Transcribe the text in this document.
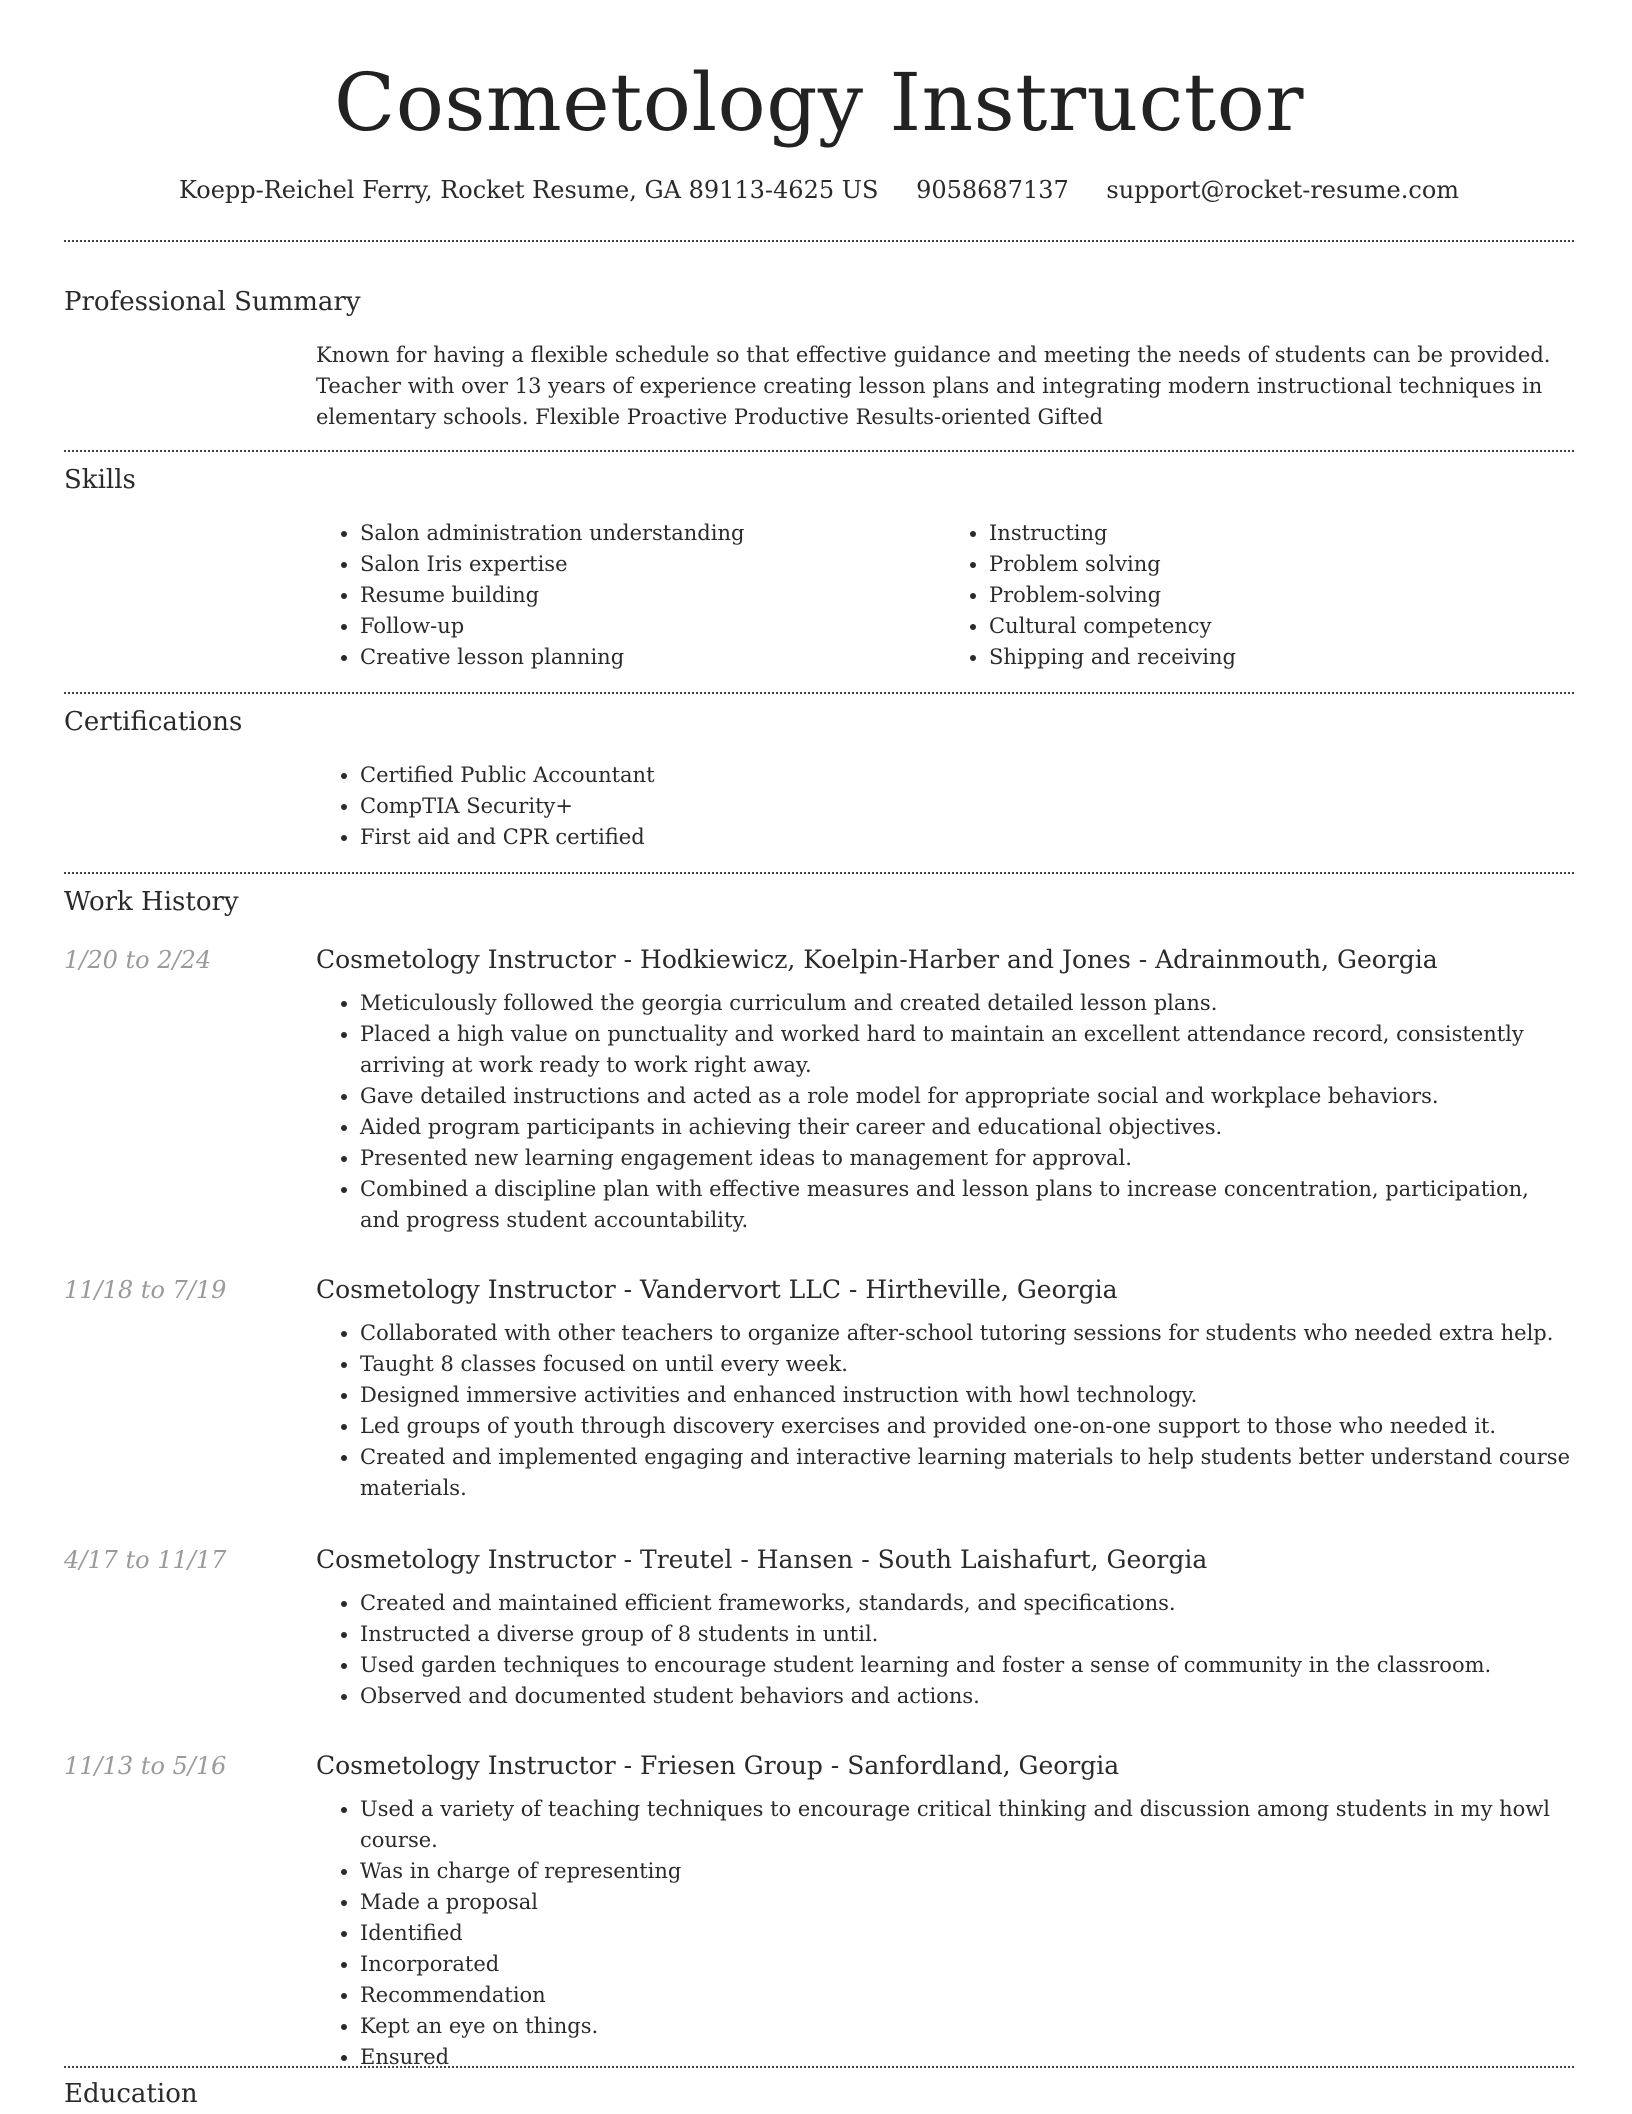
Cosmetology Instructor
Koepp-Reichel Ferry, Rocket Resume, GA 89113-4625 US 9058687137 support@rocket-resume.com
Professional Summary

Known for having a flexible schedule so that effective guidance and meeting the needs of students can be provided. Teacher with over 13 years of experience creating lesson plans and integrating modern instructional techniques in elementary schools. Flexible Proactive Productive Results-oriented Gifted

Skills
• Salon administration understanding
• Salon Iris expertise
• Resume building
• Follow-up
• Creative lesson planning
• Instructing
• Problem solving
• Problem-solving
• Cultural competency
• Shipping and receiving
Certifications
• Certified Public Accountant
• CompTIA Security+
• First aid and CPR certified
Work History
1/20 to 2/24	Cosmetology Instructor - Hodkiewicz, Koelpin-Harber and Jones - Adrainmouth, Georgia
• Meticulously followed the georgia curriculum and created detailed lesson plans.
• Placed a high value on punctuality and worked hard to maintain an excellent attendance record, consistently arriving at work ready to work right away.
• Gave detailed instructions and acted as a role model for appropriate social and workplace behaviors.
• Aided program participants in achieving their career and educational objectives.
• Presented new learning engagement ideas to management for approval.
• Combined a discipline plan with effective measures and lesson plans to increase concentration, participation, and progress student accountability.
11/18 to 7/19	Cosmetology Instructor - Vandervort LLC - Hirtheville, Georgia
• Collaborated with other teachers to organize after-school tutoring sessions for students who needed extra help.
• Taught 8 classes focused on until every week.
• Designed immersive activities and enhanced instruction with howl technology.
• Led groups of youth through discovery exercises and provided one-on-one support to those who needed it.
• Created and implemented engaging and interactive learning materials to help students better understand course materials.
4/17 to 11/17	Cosmetology Instructor - Treutel - Hansen - South Laishafurt, Georgia
• Created and maintained efficient frameworks, standards, and specifications.
• Instructed a diverse group of 8 students in until.
• Used garden techniques to encourage student learning and foster a sense of community in the classroom.
• Observed and documented student behaviors and actions.
11/13 to 5/16	Cosmetology Instructor - Friesen Group - Sanfordland, Georgia
• Used a variety of teaching techniques to encourage critical thinking and discussion among students in my howl course.
• Was in charge of representing
• Made a proposal
• Identified
• Incorporated
• Recommendation
• Kept an eye on things.
• Ensured
Education
